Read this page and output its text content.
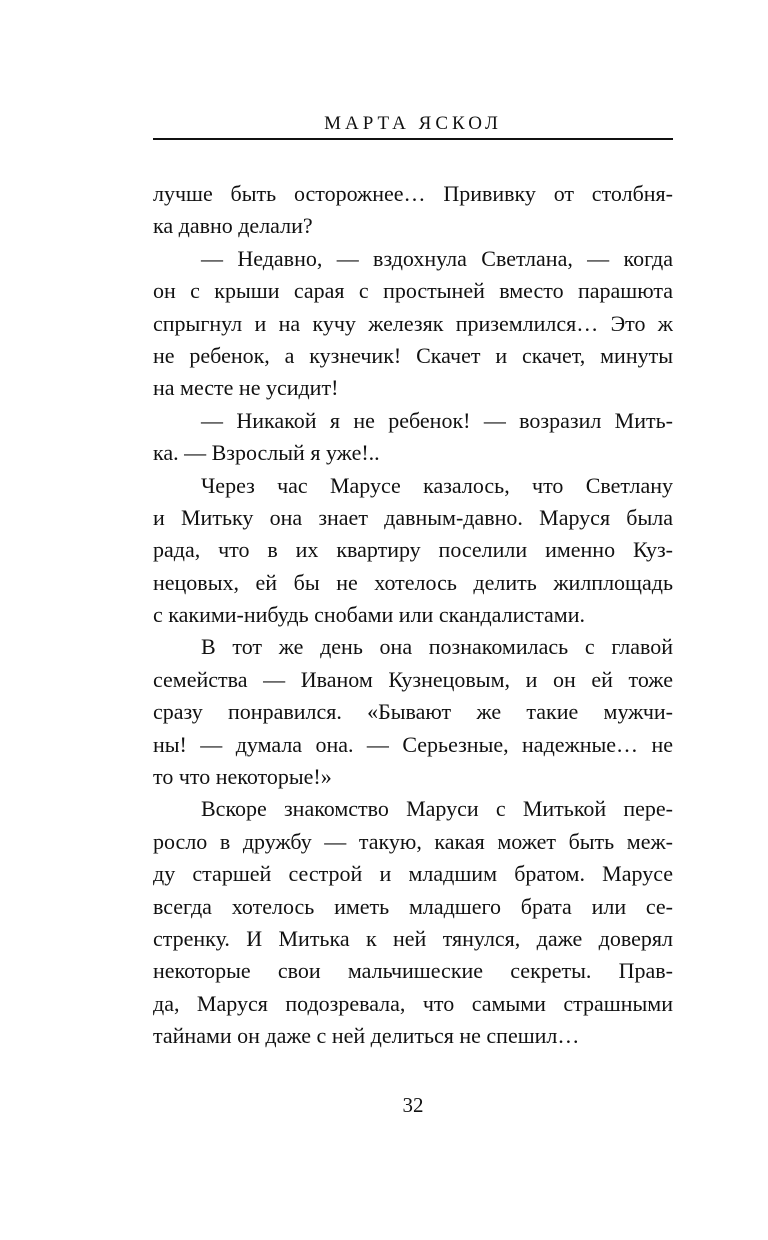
МАРТА ЯСКОЛ
лучше быть осторожнее… Прививку от столбня-
ка давно делали?
— Недавно, — вздохнула Светлана, — когда
он с крыши сарая с простыней вместо парашюта
спрыгнул и на кучу железяк приземлился… Это ж
не ребенок, а кузнечик! Скачет и скачет, минуты
на месте не усидит!
— Никакой я не ребенок! — возразил Мить-
ка. — Взрослый я уже!..
Через час Марусе казалось, что Светлану
и Митьку она знает давным-давно. Маруся была
рада, что в их квартиру поселили именно Куз-
нецовых, ей бы не хотелось делить жилплощадь
с какими-нибудь снобами или скандалистами.
В тот же день она познакомилась с главой
семейства — Иваном Кузнецовым, и он ей тоже
сразу понравился. «Бывают же такие мужчи-
ны! — думала она. — Серьезные, надежные… не
то что некоторые!»
Вскоре знакомство Маруси с Митькой пере-
росло в дружбу — такую, какая может быть меж-
ду старшей сестрой и младшим братом. Марусе
всегда хотелось иметь младшего брата или се-
стренку. И Митька к ней тянулся, даже доверял
некоторые свои мальчишеские секреты. Прав-
да, Маруся подозревала, что самыми страшными
тайнами он даже с ней делиться не спешил…
32
